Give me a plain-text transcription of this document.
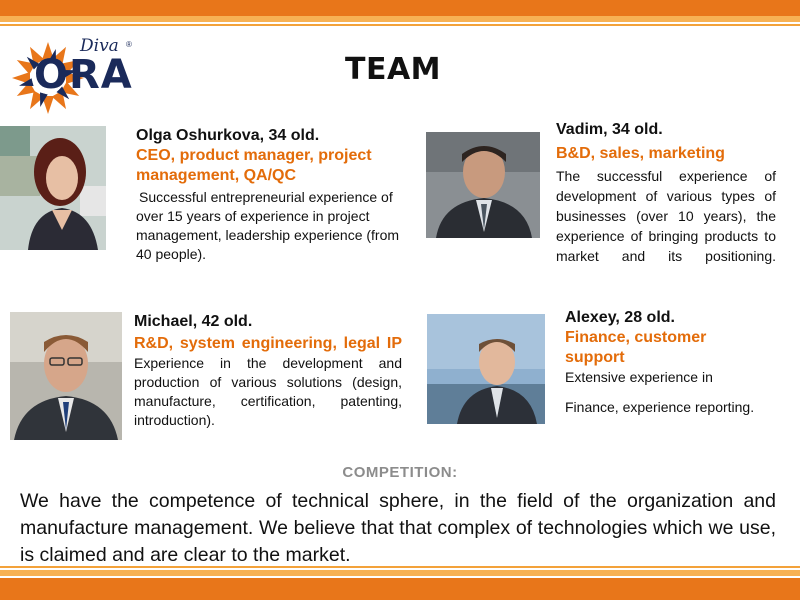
Diva ®
ORA	TEAM
Olga Oshurkova, 34 old.
CEO, product manager, project management, QA/QC
Successful entrepreneurial experience of over 15 years of experience in project management, leadership experience (from 40 people).
Vadim, 34 old.
B&D, sales, marketing
The successful experience of development of various types of businesses (over 10 years), the experience of bringing products to market and its positioning.
Michael, 42 old.
R&D, system engineering, legal IP
Experience in the development and production of various solutions (design, manufacture, certification, patenting, introduction).
Alexey, 28 old.
Finance, customer support
Extensive experience in
Finance, experience reporting.
COMPETITION:
We have the competence of technical sphere, in the field of the organization and manufacture management. We believe that that complex of technologies which we use, is claimed and are clear to the market.
